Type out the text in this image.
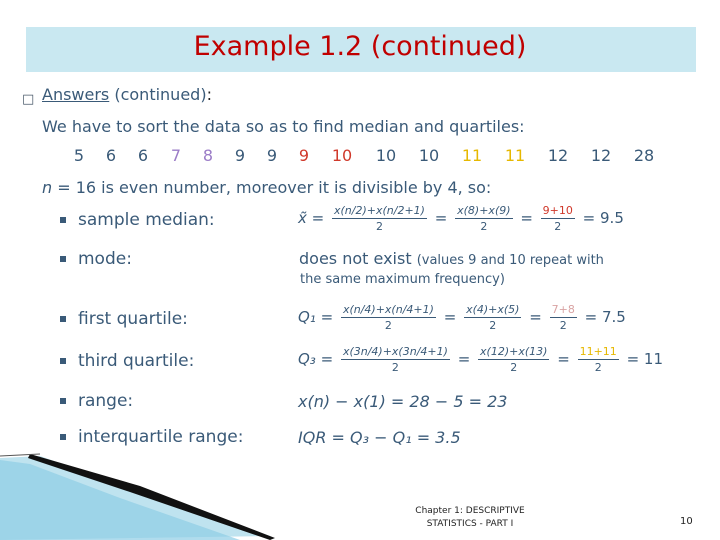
Example 1.2 (continued)
□ Answers (continued):
We have to sort the data so as to find median and quartiles:
5	6	6	7	8	9	9	9	10	10	10	11	11	12	12	28
n = 16 is even number, moreover it is divisible by 4, so:
sample median:	x̃ = $\frac{x(n/2)+x(n/2+1)}{2} = \frac{x(8)+x(9)}{2} = \frac{9+10}{2} = 9.5$
mode:	does not exist (values 9 and 10 repeat with
the same maximum frequency)
first quartile:	$Q_1 = \frac{x(n/4)+x(n/4+1)}{2} = \frac{x(4)+x(5)}{2} = \frac{7+8}{2} = 7.5$
third quartile:	$Q_3 = \frac{x(3n/4)+x(3n/4+1)}{2} = \frac{x(12)+x(13)}{2} = \frac{11+11}{2} = 11$
range:	x(n) − x(1) = 28 − 5 = 23
interquartile range:	IQR = Q₃ − Q₁ = 3.5
Chapter 1: DESCRIPTIVE
STATISTICS - PART I	10
